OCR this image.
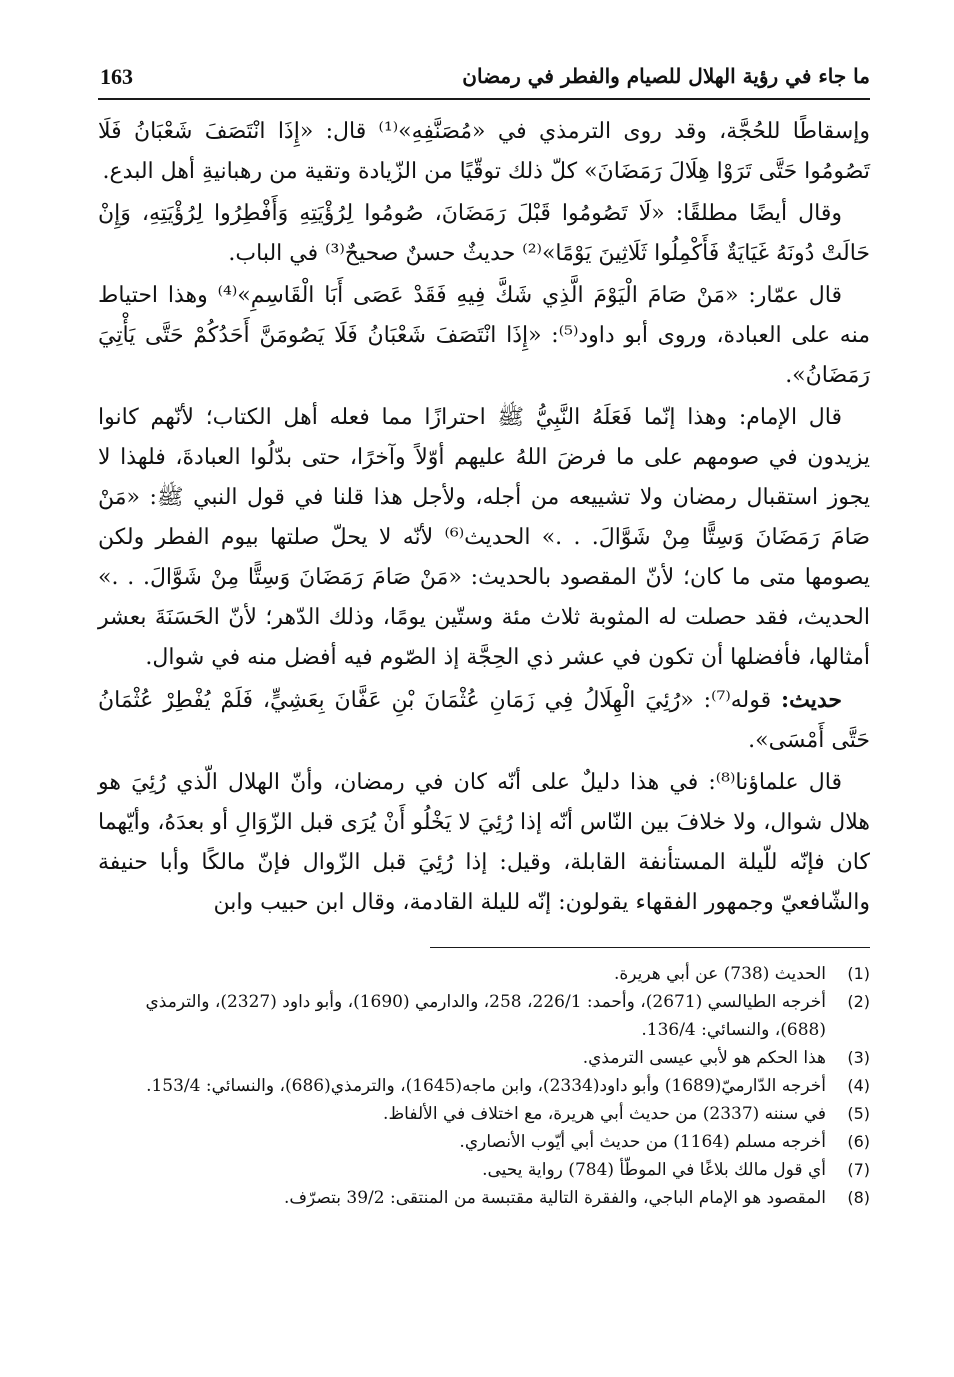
163	ما جاء في رؤية الهلال للصيام والفطر في رمضان

وإسقاطًا للحُجَّة، وقد روى الترمذي في «مُصَنَّفِهِ»⁽¹⁾ قال: «إِذَا انْتَصَفَ شَعْبَانُ فَلَا تَصُومُوا حَتَّى تَرَوْا هِلَالَ رَمَضَانَ» كلّ ذلك توقّيًا من الزّيادة وتقية من رهبانيةِ أهل البدع.

وقال أيضًا مطلقًا: «لَا تَصُومُوا قَبْلَ رَمَضَانَ، صُومُوا لِرُؤْيَتِهِ وَأَفْطِرُوا لِرُؤْيَتِهِ، وَإِنْ حَالَتْ دُونَهُ غَيَايَةٌ فَأَكْمِلُوا ثَلَاثِينَ يَوْمًا»⁽²⁾ حديثٌ حسنٌ صحيحٌ⁽³⁾ في الباب.

قال عمّار: «مَنْ صَامَ الْيَوْمَ الَّذِي شَكَّ فِيهِ فَقَدْ عَصَى أَبَا الْقَاسِمِ»⁽⁴⁾ وهذا احتياط منه على العبادة، وروى أبو داود⁽⁵⁾: «إِذَا انْتَصَفَ شَعْبَانُ فَلَا يَصُومَنَّ أَحَدُكُمْ حَتَّى يَأْتِيَ رَمَضَانُ».

قال الإمام: وهذا إنّما فَعَلَهُ النَّبِيُّ ﷺ احترازًا مما فعله أهل الكتاب؛ لأنّهم كانوا يزيدون في صومهم على ما فرضَ اللهُ عليهم أوّلاً وآخرًا، حتى بدّلُوا العبادةَ، فلهذا لا يجوز استقبال رمضان ولا تشييعه من أجله، ولأجل هذا قلنا في قول النبي ﷺ: «مَنْ صَامَ رَمَضَانَ وَسِتًّا مِنْ شَوَّالَ. . .» الحديث⁽⁶⁾ لأنّه لا يحلّ صلتها بيوم الفطر ولكن يصومها متى ما كان؛ لأنّ المقصود بالحديث: «مَنْ صَامَ رَمَضَانَ وَسِتًّا مِنْ شَوَّالَ. . .» الحديث، فقد حصلت له المثوبة ثلاث مئة وستّين يومًا، وذلك الدّهر؛ لأنّ الحَسَنَةَ بعشر أمثالها، فأفضلها أن تكون في عشر ذي الحِجَّة إذ الصّوم فيه أفضل منه في شوال.

حديث: قوله⁽⁷⁾: «رُئِيَ الْهِلَالُ فِي زَمَانِ عُثْمَانَ بْنِ عَفَّانَ بِعَشِيٍّ، فَلَمْ يُفْطِرْ عُثْمَانُ حَتَّى أَمْسَى».

قال علماؤنا⁽⁸⁾: في هذا دليلٌ على أنّه كان في رمضان، وأنّ الهلال الّذي رُئِيَ هو هلال شوال، ولا خلافَ بين النّاس أنّه إذا رُئِيَ لا يَخْلُو أَنْ يُرَى قبل الزّوَالِ أو بعدَهُ، وأيّهما كان فإنّه للّيلة المستأنفة القابلة، وقيل: إذا رُئِيَ قبل الزّوال فإنّ مالكًا وأبا حنيفة والشّافعيّ وجمهور الفقهاء يقولون: إنّه لليلة القادمة، وقال ابن حبيب وابن

(1)
الحديث (738) عن أبي هريرة.
(2)
أخرجه الطيالسي (2671)، وأحمد: 226/1، 258، والدارمي (1690)، وأبو داود (2327)، والترمذي (688)، والنسائي: 136/4.
(3)
هذا الحكم هو لأبي عيسى الترمذي.
(4)
أخرجه الدّارميّ(1689) وأبو داود(2334)، وابن ماجه(1645)، والترمذي(686)، والنسائي: 153/4.
(5)
في سننه (2337) من حديث أبي هريرة، مع اختلاف في الألفاظ.
(6)
أخرجه مسلم (1164) من حديث أبي أيّوب الأنصاري.
(7)
أي قول مالك بلاغًا في الموطّأ (784) رواية يحيى.
(8)
المقصود هو الإمام الباجي، والفقرة التالية مقتبسة من المنتقى: 39/2 بتصرّف.
